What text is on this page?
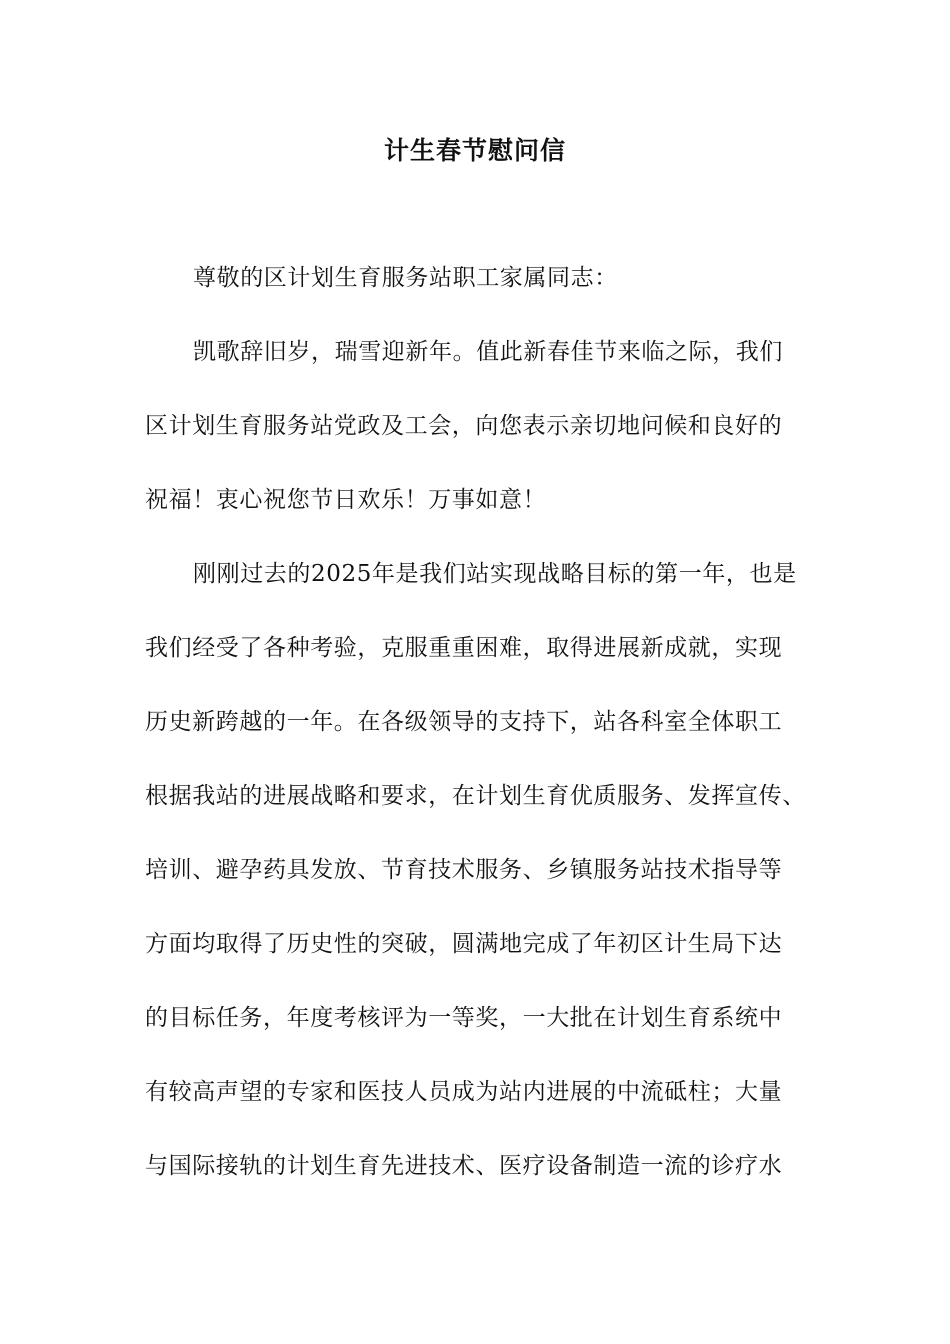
计生春节慰问信
尊敬的区计划生育服务站职工家属同志：
凯歌辞旧岁，瑞雪迎新年。值此新春佳节来临之际，我们
区计划生育服务站党政及工会，向您表示亲切地问候和良好的
祝福！衷心祝您节日欢乐！万事如意！
刚刚过去的2025年是我们站实现战略目标的第一年，也是
我们经受了各种考验，克服重重困难，取得进展新成就，实现
历史新跨越的一年。在各级领导的支持下，站各科室全体职工
根据我站的进展战略和要求，在计划生育优质服务、发挥宣传、
培训、避孕药具发放、节育技术服务、乡镇服务站技术指导等
方面均取得了历史性的突破，圆满地完成了年初区计生局下达
的目标任务，年度考核评为一等奖，一大批在计划生育系统中
有较高声望的专家和医技人员成为站内进展的中流砥柱；大量
与国际接轨的计划生育先进技术、医疗设备制造一流的诊疗水
